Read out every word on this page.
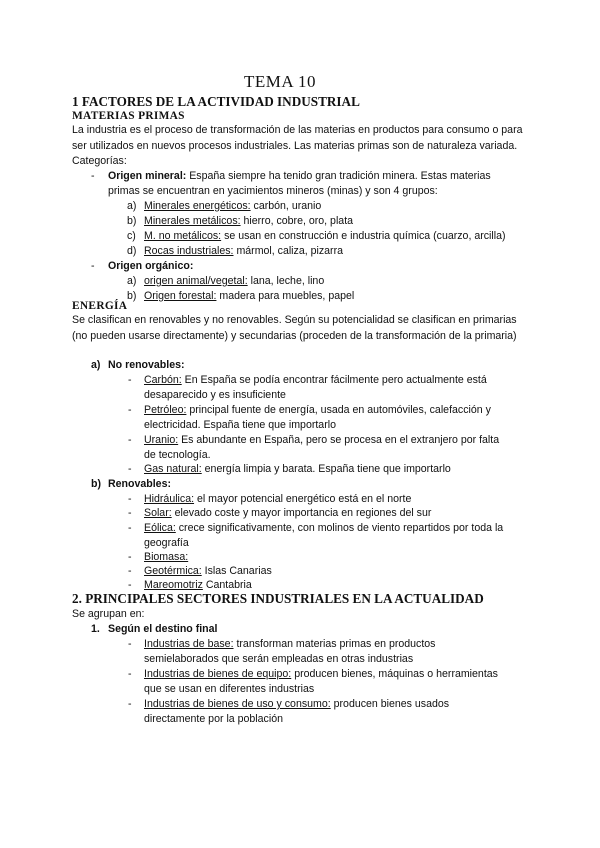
TEMA 10
1 FACTORES DE LA ACTIVIDAD INDUSTRIAL
MATERIAS PRIMAS
La industria es el proceso de transformación de las materias en productos para consumo o para ser utilizados en nuevos procesos industriales. Las materias primas son de naturaleza variada. Categorías:
- Origen mineral: España siempre ha tenido gran tradición minera. Estas materias
primas se encuentran en yacimientos mineros (minas) y son 4 grupos:
a) Minerales energéticos: carbón, uranio
b) Minerales metálicos: hierro, cobre, oro, plata
c) M. no metálicos: se usan en construcción e industria química (cuarzo, arcilla)
d) Rocas industriales: mármol, caliza, pizarra
- Origen orgánico:
a) origen animal/vegetal: lana, leche, lino
b) Origen forestal: madera para muebles, papel
ENERGÍA
Se clasifican en renovables y no renovables. Según su potencialidad se clasifican en primarias (no pueden usarse directamente) y secundarias (proceden de la transformación de la primaria)
a) No renovables:
- Carbón: En España se podía encontrar fácilmente pero actualmente está
desaparecido y es insuficiente
- Petróleo: principal fuente de energía, usada en automóviles, calefacción y
electricidad. España tiene que importarlo
- Uranio: Es abundante en España, pero se procesa en el extranjero por falta
de tecnología.
- Gas natural: energía limpia y barata. España tiene que importarlo
b) Renovables:
- Hidráulica: el mayor potencial energético está en el norte
- Solar: elevado coste y mayor importancia en regiones del sur
- Eólica: crece significativamente, con molinos de viento repartidos por toda la
geografía
- Biomasa:
- Geotérmica: Islas Canarias
- Mareomotriz Cantabria
2. PRINCIPALES SECTORES INDUSTRIALES EN LA ACTUALIDAD
Se agrupan en:
1. Según el destino final
- Industrias de base: transforman materias primas en productos
semielaborados que serán empleadas en otras industrias
- Industrias de bienes de equipo: producen bienes, máquinas o herramientas
que se usan en diferentes industrias
- Industrias de bienes de uso y consumo: producen bienes usados
directamente por la población
